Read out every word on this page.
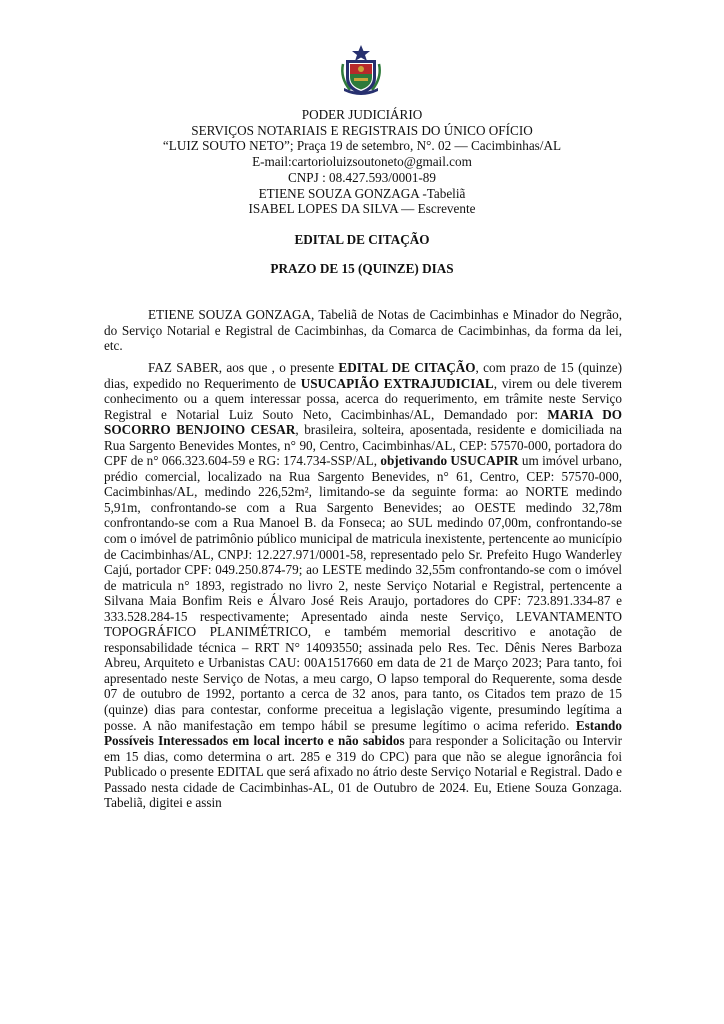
PODER JUDICIÁRIO
SERVIÇOS NOTARIAIS E REGISTRAIS DO ÚNICO OFÍCIO
“LUIZ SOUTO NETO”; Praça 19 de setembro, N°. 02 — Cacimbinhas/AL
E-mail:cartorioluizsoutoneto@gmail.com
CNPJ : 08.427.593/0001-89
ETIENE SOUZA GONZAGA -Tabeliã
ISABEL LOPES DA SILVA — Escrevente
EDITAL DE CITAÇÃO
PRAZO DE 15 (QUINZE) DIAS

ETIENE SOUZA GONZAGA, Tabeliã de Notas de Cacimbinhas e Minador do Negrão, do Serviço Notarial e Registral de Cacimbinhas, da Comarca de Cacimbinhas, da forma da lei, etc.

FAZ SABER, aos que , o presente EDITAL DE CITAÇÃO, com prazo de 15 (quinze) dias, expedido no Requerimento de USUCAPIÃO EXTRAJUDICIAL, virem ou dele tiverem conhecimento ou a quem interessar possa, acerca do requerimento, em trâmite neste Serviço Registral e Notarial Luiz Souto Neto, Cacimbinhas/AL, Demandado por: MARIA DO SOCORRO BENJOINO CESAR, brasileira, solteira, aposentada, residente e domiciliada na Rua Sargento Benevides Montes, n° 90, Centro, Cacimbinhas/AL, CEP: 57570-000, portadora do CPF de n° 066.323.604-59 e RG: 174.734-SSP/AL, objetivando USUCAPIR um imóvel urbano, prédio comercial, localizado na Rua Sargento Benevides, n° 61, Centro, CEP: 57570-000, Cacimbinhas/AL, medindo 226,52m², limitando-se da seguinte forma: ao NORTE medindo 5,91m, confrontando-se com a Rua Sargento Benevides; ao OESTE medindo 32,78m confrontando-se com a Rua Manoel B. da Fonseca; ao SUL medindo 07,00m, confrontando-se com o imóvel de patrimônio público municipal de matricula inexistente, pertencente ao município de Cacimbinhas/AL, CNPJ: 12.227.971/0001-58, representado pelo Sr. Prefeito Hugo Wanderley Cajú, portador CPF: 049.250.874-79; ao LESTE medindo 32,55m confrontando-se com o imóvel de matricula n° 1893, registrado no livro 2, neste Serviço Notarial e Registral, pertencente a Silvana Maia Bonfim Reis e Álvaro José Reis Araujo, portadores do CPF: 723.891.334-87 e 333.528.284-15 respectivamente; Apresentado ainda neste Serviço, LEVANTAMENTO TOPOGRÁFICO PLANIMÉTRICO, e também memorial descritivo e anotação de responsabilidade técnica – RRT N° 14093550; assinada pelo Res. Tec. Dênis Neres Barboza Abreu, Arquiteto e Urbanistas CAU: 00A1517660 em data de 21 de Março 2023; Para tanto, foi apresentado neste Serviço de Notas, a meu cargo, O lapso temporal do Requerente, soma desde 07 de outubro de 1992, portanto a cerca de 32 anos, para tanto, os Citados tem prazo de 15 (quinze) dias para contestar, conforme preceitua a legislação vigente, presumindo legítima a posse. A não manifestação em tempo hábil se presume legítimo o acima referido. Estando Possíveis Interessados em local incerto e não sabidos para responder a Solicitação ou Intervir em 15 dias, como determina o art. 285 e 319 do CPC) para que não se alegue ignorância foi Publicado o presente EDITAL que será afixado no átrio deste Serviço Notarial e Registral. Dado e Passado nesta cidade de Cacimbinhas-AL, 01 de Outubro de 2024. Eu, Etiene Souza Gonzaga. Tabeliã, digitei e assin
